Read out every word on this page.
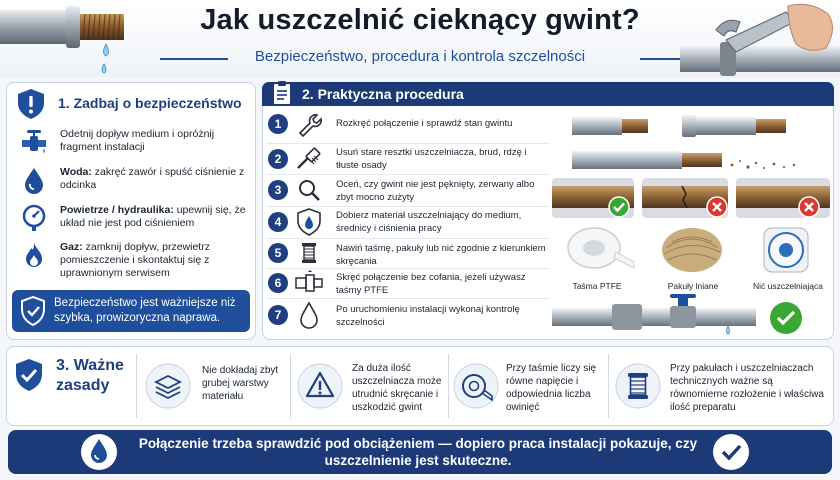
Jak uszczelnić cieknący gwint?
Bezpieczeństwo, procedura i kontrola szczelności
1. Zadbaj o bezpieczeństwo
Odetnij dopływ medium i opróżnij fragment instalacji
Woda: zakręć zawór i spuść ciśnienie z odcinka
Powietrze / hydraulika: upewnij się, że układ nie jest pod ciśnieniem
Gaz: zamknij dopływ, przewietrz pomieszczenie i skontaktuj się z uprawnionym serwisem
Bezpieczeństwo jest ważniejsze niż szybka, prowizoryczna naprawa.
2. Praktyczna procedura
1	Rozkręć połączenie i sprawdź stan gwintu
2	Usuń stare resztki uszczelniacza, brud, rdzę i tłuste osady
3	Oceń, czy gwint nie jest pęknięty, zerwany albo zbyt mocno zużyty
4	Dobierz materiał uszczelniający do medium, średnicy i ciśnienia pracy
5	Nawiń taśmę, pakuły lub nić zgodnie z kierunkiem skręcania
6	Skręć połączenie bez cofania, jeżeli używasz taśmy PTFE
7	Po uruchomieniu instalacji wykonaj kontrolę szczelności
Taśma PTFE	Pakuły lniane	Nić uszczelniająca
3. Ważne zasady
Nie dokładaj zbyt grubej warstwy materiału
Za duża ilość uszczelniacza może utrudnić skręcanie i uszkodzić gwint
Przy taśmie liczy się równe napięcie i odpowiednia liczba owinięć
Przy pakułach i uszczelniaczach technicznych ważne są równomierne rozłożenie i właściwa ilość preparatu
Połączenie trzeba sprawdzić pod obciążeniem — dopiero praca instalacji pokazuje, czy uszczelnienie jest skuteczne.
